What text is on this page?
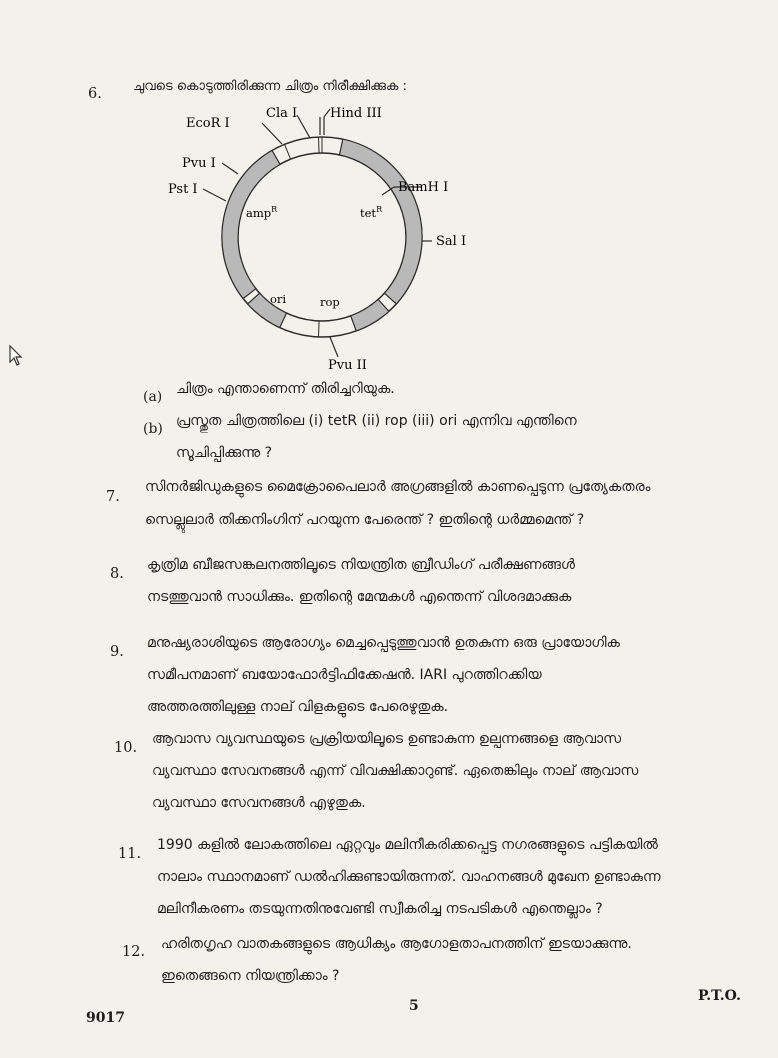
6. ചുവടെ കൊടുത്തിരിക്കുന്ന ചിത്രം നിരീക്ഷിക്കുക :
EcoR I
Cla I	Hind III
Pvu I
Pst I	BamH I
Sal I
Pvu II
amp$^R$	tet$^R$
ori	rop
(a) ചിത്രം എന്താണെന്ന് തിരിച്ചറിയുക.
(b) പ്രസ്തുത ചിത്രത്തിലെ (i) tetR (ii) rop (iii) ori എന്നിവ എന്തിനെ
സൂചിപ്പിക്കുന്നു ?
7.
സിനർജിഡുകളുടെ മൈക്രോപൈലാർ അഗ്രങ്ങളിൽ കാണപ്പെടുന്ന പ്രത്യേകതരം
സെല്ലുലാർ തിക്കനിംഗിന് പറയുന്ന പേരെന്ത് ? ഇതിന്റെ ധർമ്മമെന്ത് ?
8.
കൃത്രിമ ബീജസങ്കലനത്തിലൂടെ നിയന്ത്രിത ബ്രീഡിംഗ് പരീക്ഷണങ്ങൾ
നടത്തുവാൻ സാധിക്കും. ഇതിന്റെ മേന്മകൾ എന്തെന്ന് വിശദമാക്കുക
9.
മനുഷ്യരാശിയുടെ ആരോഗ്യം മെച്ചപ്പെടുത്തുവാൻ ഉതകുന്ന ഒരു പ്രായോഗിക
സമീപനമാണ് ബയോഫോർട്ടിഫിക്കേഷൻ. IARI പുറത്തിറക്കിയ
അത്തരത്തിലുള്ള നാല് വിളകളുടെ പേരെഴുതുക.
10.
ആവാസ വ്യവസ്ഥയുടെ പ്രക്രിയയിലൂടെ ഉണ്ടാകുന്ന ഉല്പന്നങ്ങളെ ആവാസ
വ്യവസ്ഥാ സേവനങ്ങൾ എന്ന് വിവക്ഷിക്കാറുണ്ട്. ഏതെങ്കിലും നാല് ആവാസ
വ്യവസ്ഥാ സേവനങ്ങൾ എഴുതുക.
11.
1990 കളിൽ ലോകത്തിലെ ഏറ്റവും മലിനീകരിക്കപ്പെട്ട നഗരങ്ങളുടെ പട്ടികയിൽ
നാലാം സ്ഥാനമാണ് ഡൽഹിക്കുണ്ടായിരുന്നത്. വാഹനങ്ങൾ മുഖേന ഉണ്ടാകുന്ന
മലിനീകരണം തടയുന്നതിനുവേണ്ടി സ്വീകരിച്ച നടപടികൾ എന്തെല്ലാം ?
12. ഹരിതഗൃഹ വാതകങ്ങളുടെ ആധിക്യം ആഗോളതാപനത്തിന് ഇടയാക്കുന്നു.
ഇതെങ്ങനെ നിയന്ത്രിക്കാം ?
9017
5
P.T.O.
